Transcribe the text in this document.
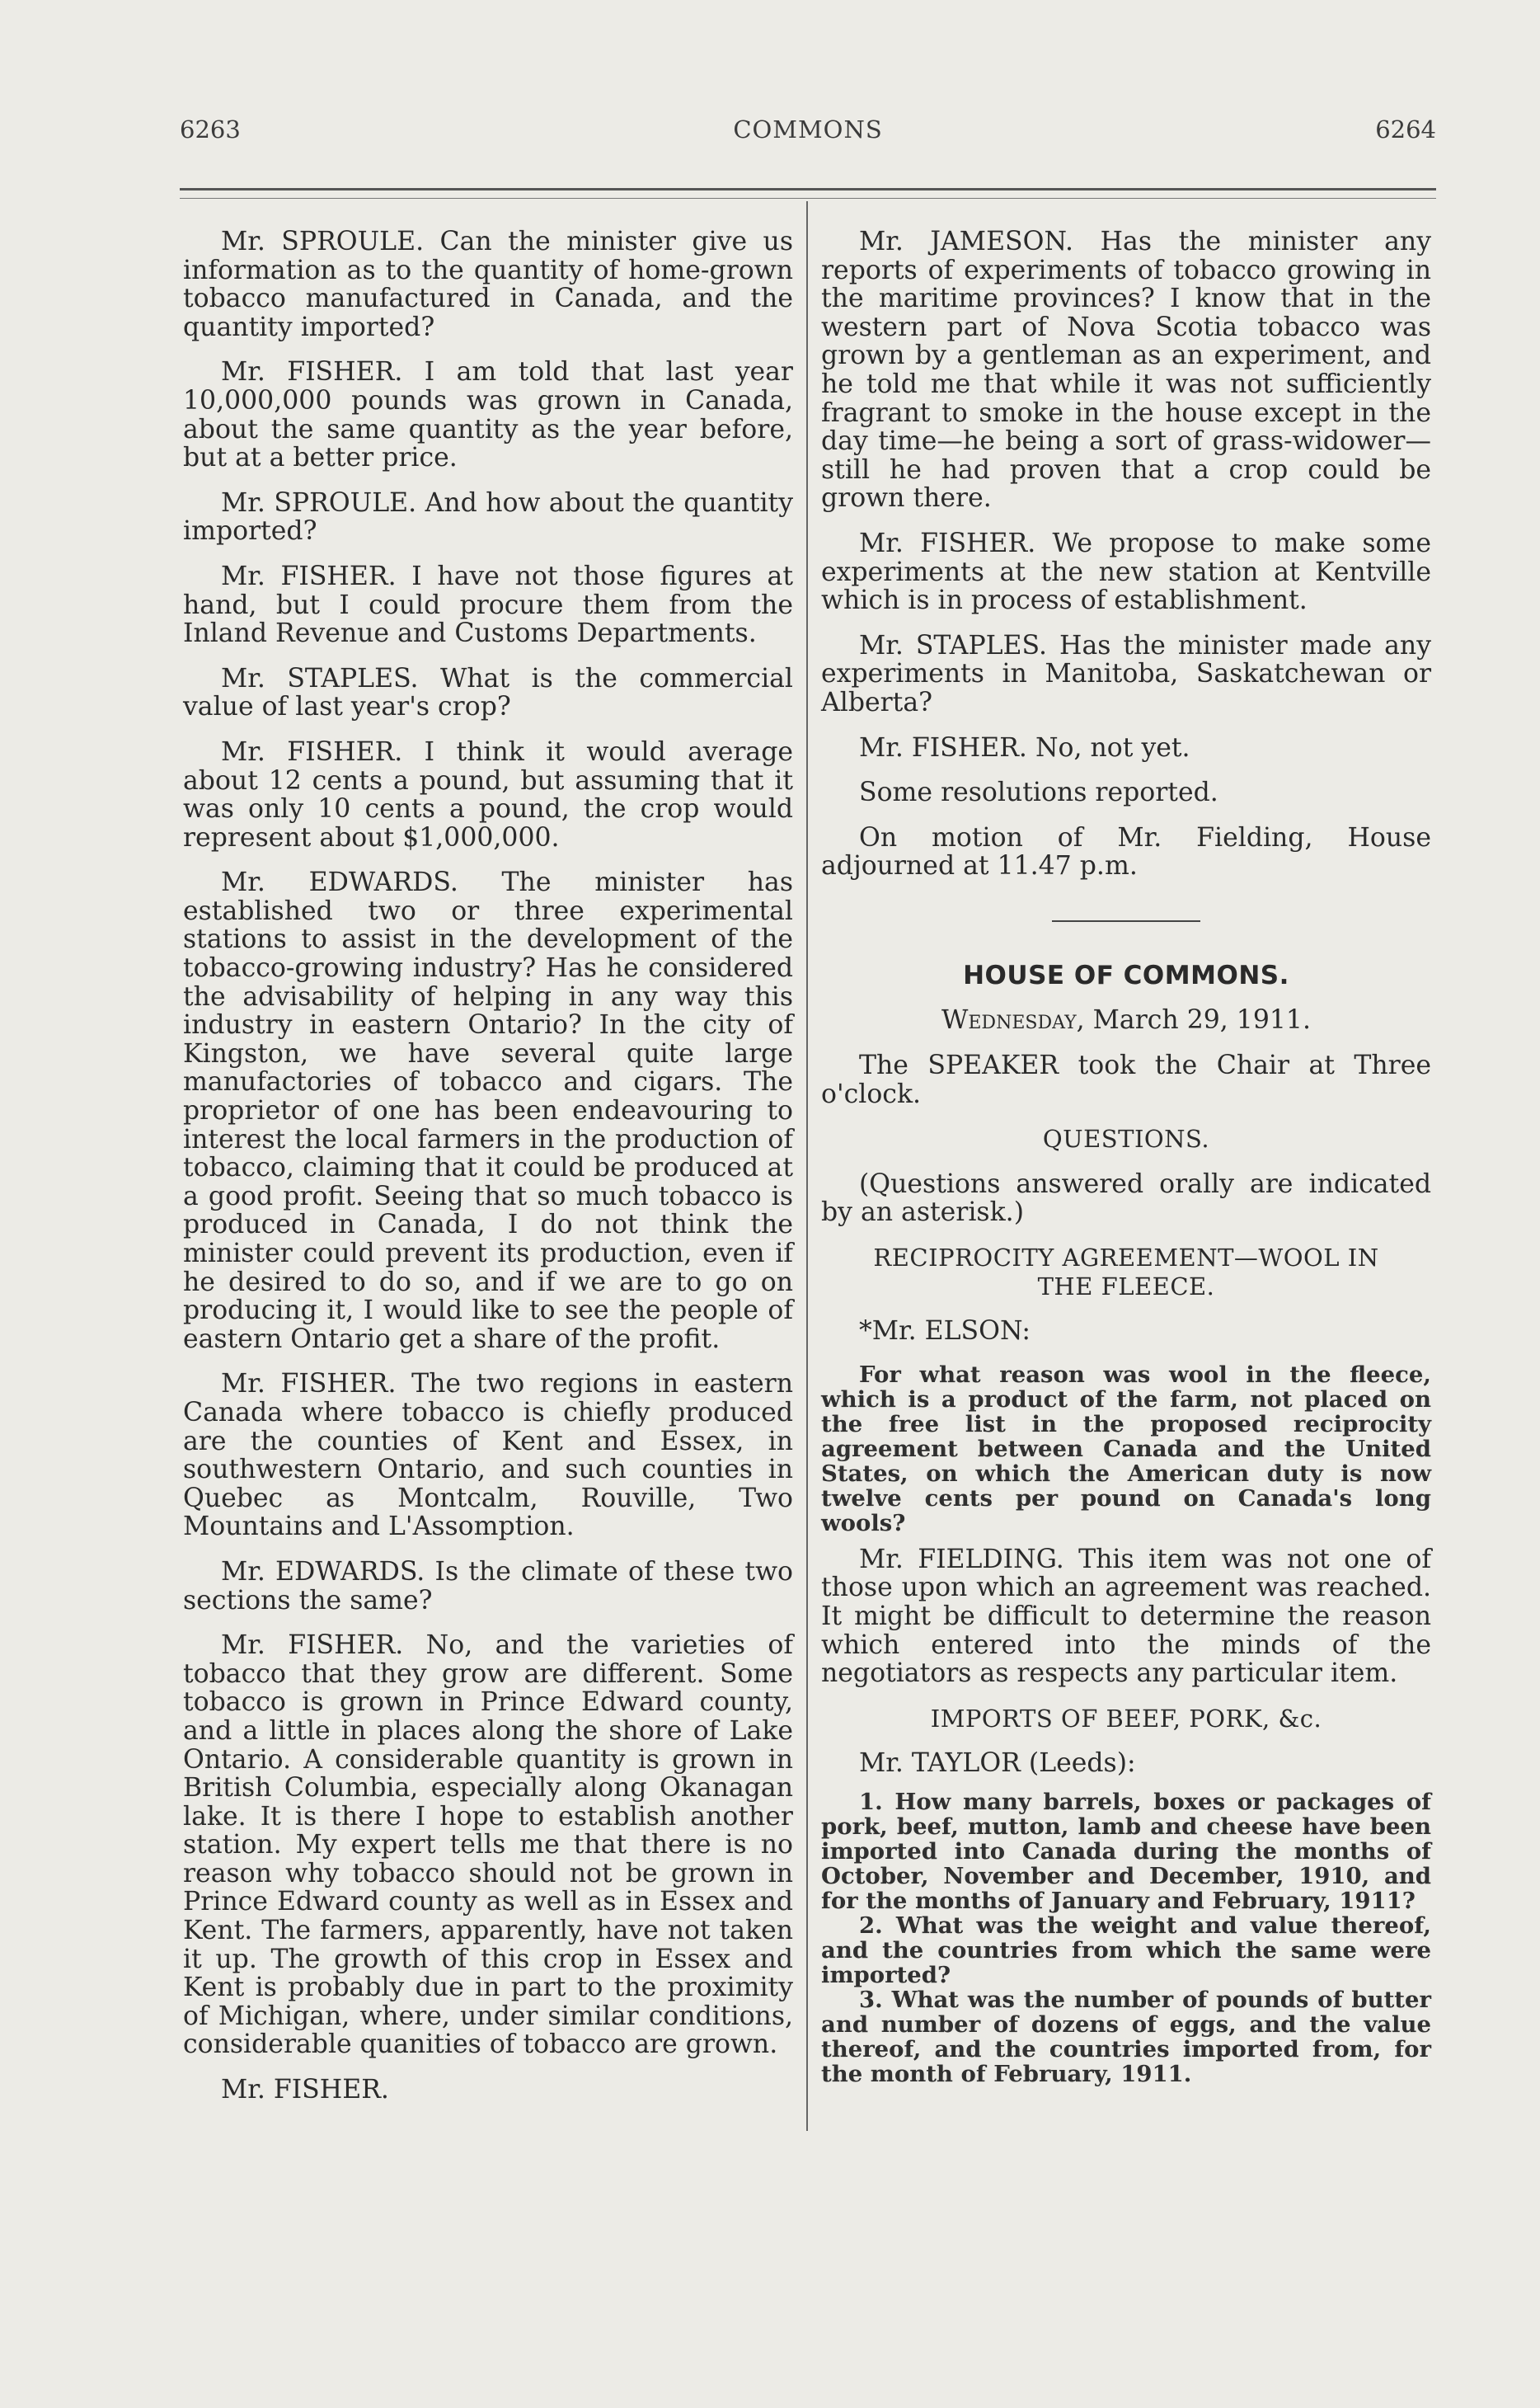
6263	COMMONS	6264

Mr. SPROULE. Can the minister give us information as to the quantity of home-grown tobacco manufactured in Canada, and the quantity imported?

Mr. FISHER. I am told that last year 10,000,000 pounds was grown in Canada, about the same quantity as the year before, but at a better price.

Mr. SPROULE. And how about the quantity imported?

Mr. FISHER. I have not those figures at hand, but I could procure them from the Inland Revenue and Customs Departments.

Mr. STAPLES. What is the commercial value of last year's crop?

Mr. FISHER. I think it would average about 12 cents a pound, but assuming that it was only 10 cents a pound, the crop would represent about $1,000,000.

Mr. EDWARDS. The minister has established two or three experimental stations to assist in the development of the tobacco-growing industry? Has he considered the advisability of helping in any way this industry in eastern Ontario? In the city of Kingston, we have several quite large manufactories of tobacco and cigars. The proprietor of one has been endeavouring to interest the local farmers in the production of tobacco, claiming that it could be produced at a good profit. Seeing that so much tobacco is produced in Canada, I do not think the minister could prevent its production, even if he desired to do so, and if we are to go on producing it, I would like to see the people of eastern Ontario get a share of the profit.

Mr. FISHER. The two regions in eastern Canada where tobacco is chiefly produced are the counties of Kent and Essex, in southwestern Ontario, and such counties in Quebec as Montcalm, Rouville, Two Mountains and L'Assomption.

Mr. EDWARDS. Is the climate of these two sections the same?

Mr. FISHER. No, and the varieties of tobacco that they grow are different. Some tobacco is grown in Prince Edward county, and a little in places along the shore of Lake Ontario. A considerable quantity is grown in British Columbia, especially along Okanagan lake. It is there I hope to establish another station. My expert tells me that there is no reason why tobacco should not be grown in Prince Edward county as well as in Essex and Kent. The farmers, apparently, have not taken it up. The growth of this crop in Essex and Kent is probably due in part to the proximity of Michigan, where, under similar conditions, considerable quanities of tobacco are grown.

Mr. FISHER.

Mr. JAMESON. Has the minister any reports of experiments of tobacco growing in the maritime provinces? I know that in the western part of Nova Scotia tobacco was grown by a gentleman as an experiment, and he told me that while it was not sufficiently fragrant to smoke in the house except in the day time—he being a sort of grass-widower—still he had proven that a crop could be grown there.

Mr. FISHER. We propose to make some experiments at the new station at Kentville which is in process of establishment.

Mr. STAPLES. Has the minister made any experiments in Manitoba, Saskatchewan or Alberta?

Mr. FISHER. No, not yet.

Some resolutions reported.

On motion of Mr. Fielding, House adjourned at 11.47 p.m.

HOUSE OF COMMONS.

Wednesday, March 29, 1911.

The SPEAKER took the Chair at Three o'clock.

QUESTIONS.

(Questions answered orally are indicated by an asterisk.)

RECIPROCITY AGREEMENT—WOOL IN THE FLEECE.

*Mr. ELSON:

For what reason was wool in the fleece, which is a product of the farm, not placed on the free list in the proposed reciprocity agreement between Canada and the United States, on which the American duty is now twelve cents per pound on Canada's long wools?

Mr. FIELDING. This item was not one of those upon which an agreement was reached. It might be difficult to determine the reason which entered into the minds of the negotiators as respects any particular item.

IMPORTS OF BEEF, PORK, &c.

Mr. TAYLOR (Leeds):

1. How many barrels, boxes or packages of pork, beef, mutton, lamb and cheese have been imported into Canada during the months of October, November and December, 1910, and for the months of January and February, 1911?

2. What was the weight and value thereof, and the countries from which the same were imported?

3. What was the number of pounds of butter and number of dozens of eggs, and the value thereof, and the countries imported from, for the month of February, 1911.
